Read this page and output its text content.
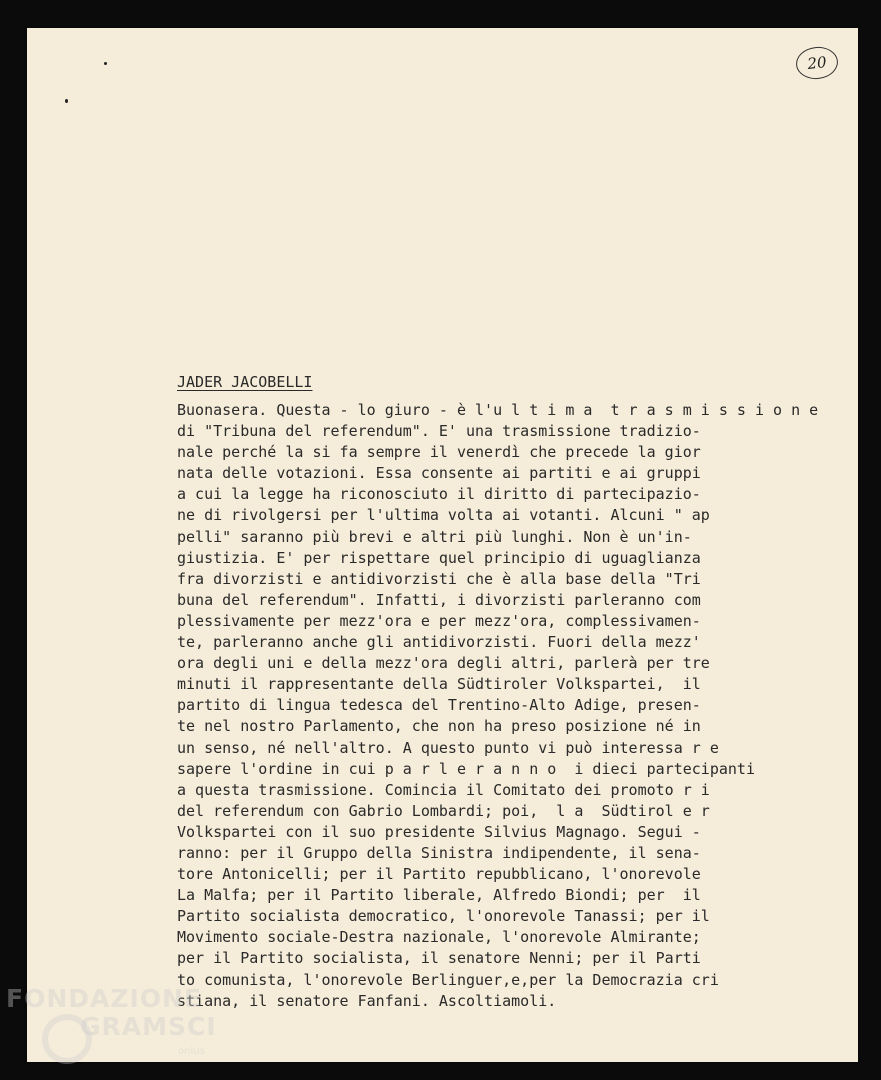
20
JADER JACOBELLI

Buonasera. Questa - lo giuro - è l'u l t i m a  t r a s m i s s i o n e
di "Tribuna del referendum". E' una trasmissione tradizio-
nale perché la si fa sempre il venerdì che precede la gior
nata delle votazioni. Essa consente ai partiti e ai gruppi
a cui la legge ha riconosciuto il diritto di partecipazio-
ne di rivolgersi per l'ultima volta ai votanti. Alcuni " ap
pelli" saranno più brevi e altri più lunghi. Non è un'in-
giustizia. E' per rispettare quel principio di uguaglianza
fra divorzisti e antidivorzisti che è alla base della "Tri
buna del referendum". Infatti, i divorzisti parleranno com
plessivamente per mezz'ora e per mezz'ora, complessivamen-
te, parleranno anche gli antidivorzisti. Fuori della mezz'
ora degli uni e della mezz'ora degli altri, parlerà per tre
minuti il rappresentante della Südtiroler Volkspartei,  il
partito di lingua tedesca del Trentino-Alto Adige, presen-
te nel nostro Parlamento, che non ha preso posizione né in
un senso, né nell'altro. A questo punto vi può interessa r e
sapere l'ordine in cui p a r l e r a n n o  i dieci partecipanti
a questa trasmissione. Comincia il Comitato dei promoto r i
del referendum con Gabrio Lombardi; poi,  l a  Südtirol e r
Volkspartei con il suo presidente Silvius Magnago. Segui -
ranno: per il Gruppo della Sinistra indipendente, il sena-
tore Antonicelli; per il Partito repubblicano, l'onorevole
La Malfa; per il Partito liberale, Alfredo Biondi; per  il
Partito socialista democratico, l'onorevole Tanassi; per il
Movimento sociale-Destra nazionale, l'onorevole Almirante;
per il Partito socialista, il senatore Nenni; per il Parti
to comunista, l'onorevole Berlinguer,e,per la Democrazia cri
stiana, il senatore Fanfani. Ascoltiamoli.

FONDAZIONE
GRAMSCI
onlus
